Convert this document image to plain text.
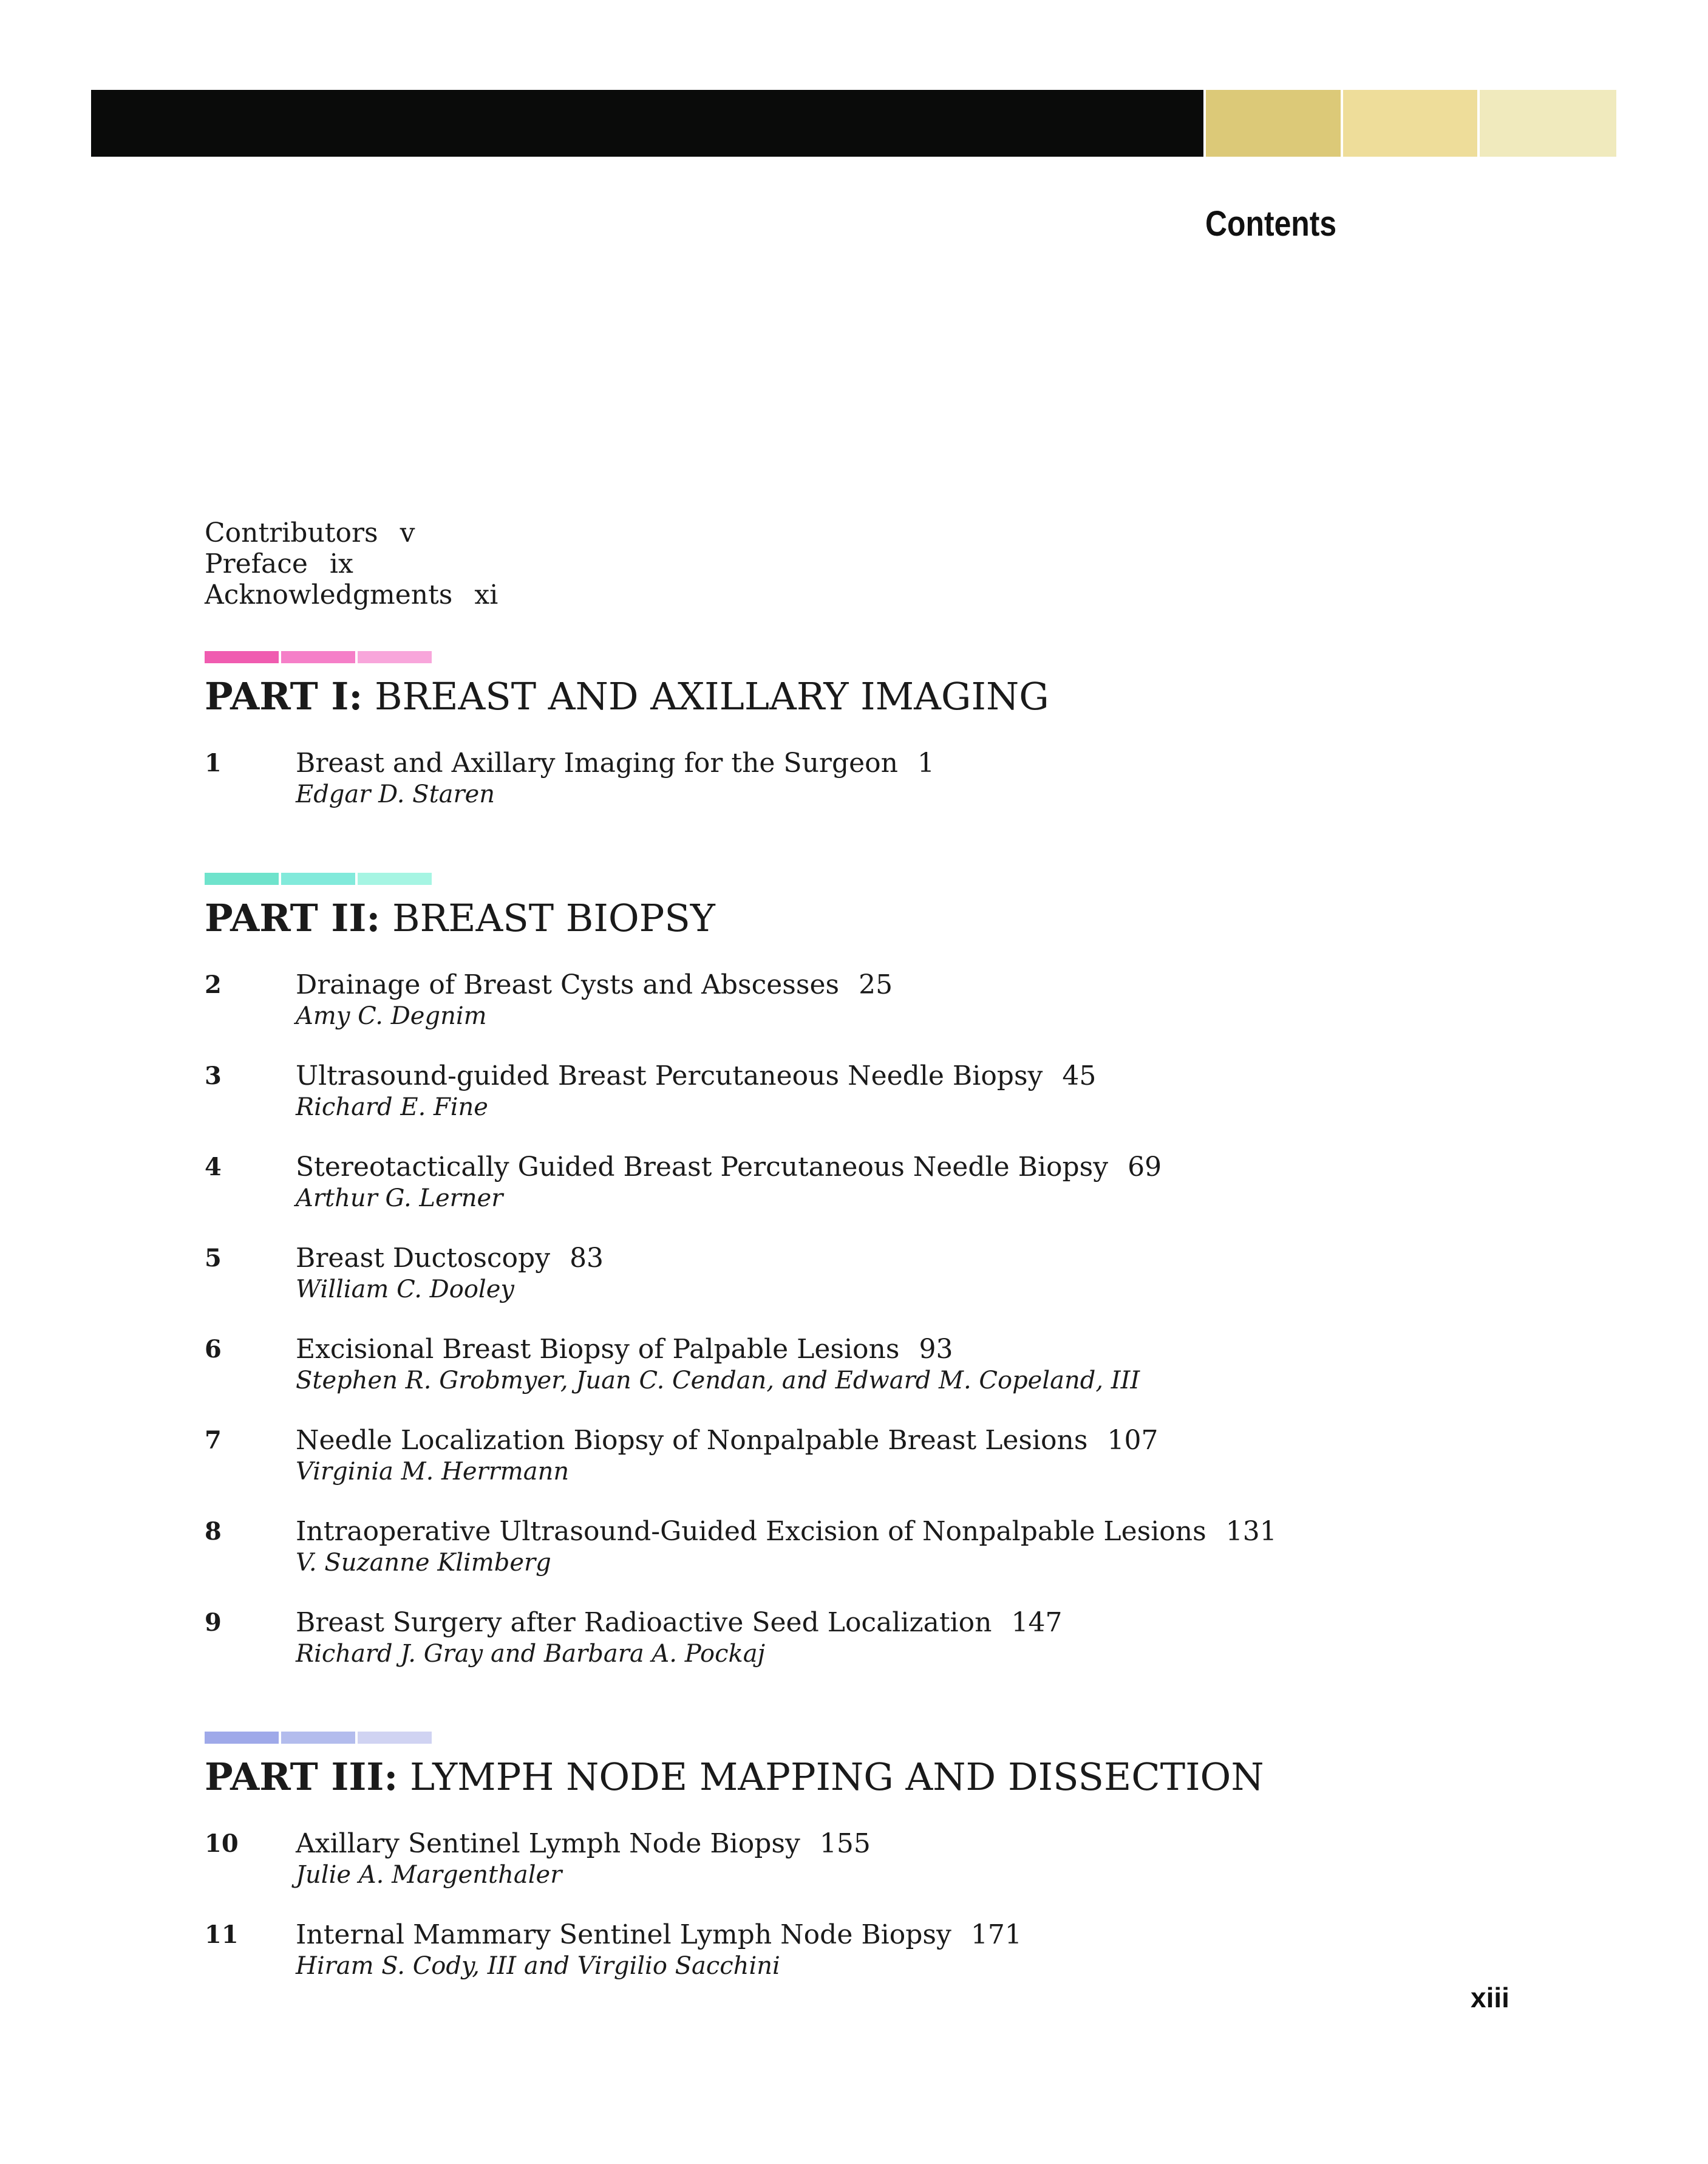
Contents
Contributors v
Preface ix
Acknowledgments xi
PART I: BREAST AND AXILLARY IMAGING
1	Breast and Axillary Imaging for the Surgeon 1
Edgar D. Staren
PART II: BREAST BIOPSY
2	Drainage of Breast Cysts and Abscesses 25
Amy C. Degnim
3	Ultrasound-guided Breast Percutaneous Needle Biopsy 45
Richard E. Fine
4	Stereotactically Guided Breast Percutaneous Needle Biopsy 69
Arthur G. Lerner
5	Breast Ductoscopy 83
William C. Dooley
6	Excisional Breast Biopsy of Palpable Lesions 93
Stephen R. Grobmyer, Juan C. Cendan, and Edward M. Copeland, III
7	Needle Localization Biopsy of Nonpalpable Breast Lesions 107
Virginia M. Herrmann
8	Intraoperative Ultrasound-Guided Excision of Nonpalpable Lesions 131
V. Suzanne Klimberg
9	Breast Surgery after Radioactive Seed Localization 147
Richard J. Gray and Barbara A. Pockaj
PART III: LYMPH NODE MAPPING AND DISSECTION
10 Axillary Sentinel Lymph Node Biopsy 155
Julie A. Margenthaler
11 Internal Mammary Sentinel Lymph Node Biopsy 171
Hiram S. Cody, III and Virgilio Sacchini
xiii
